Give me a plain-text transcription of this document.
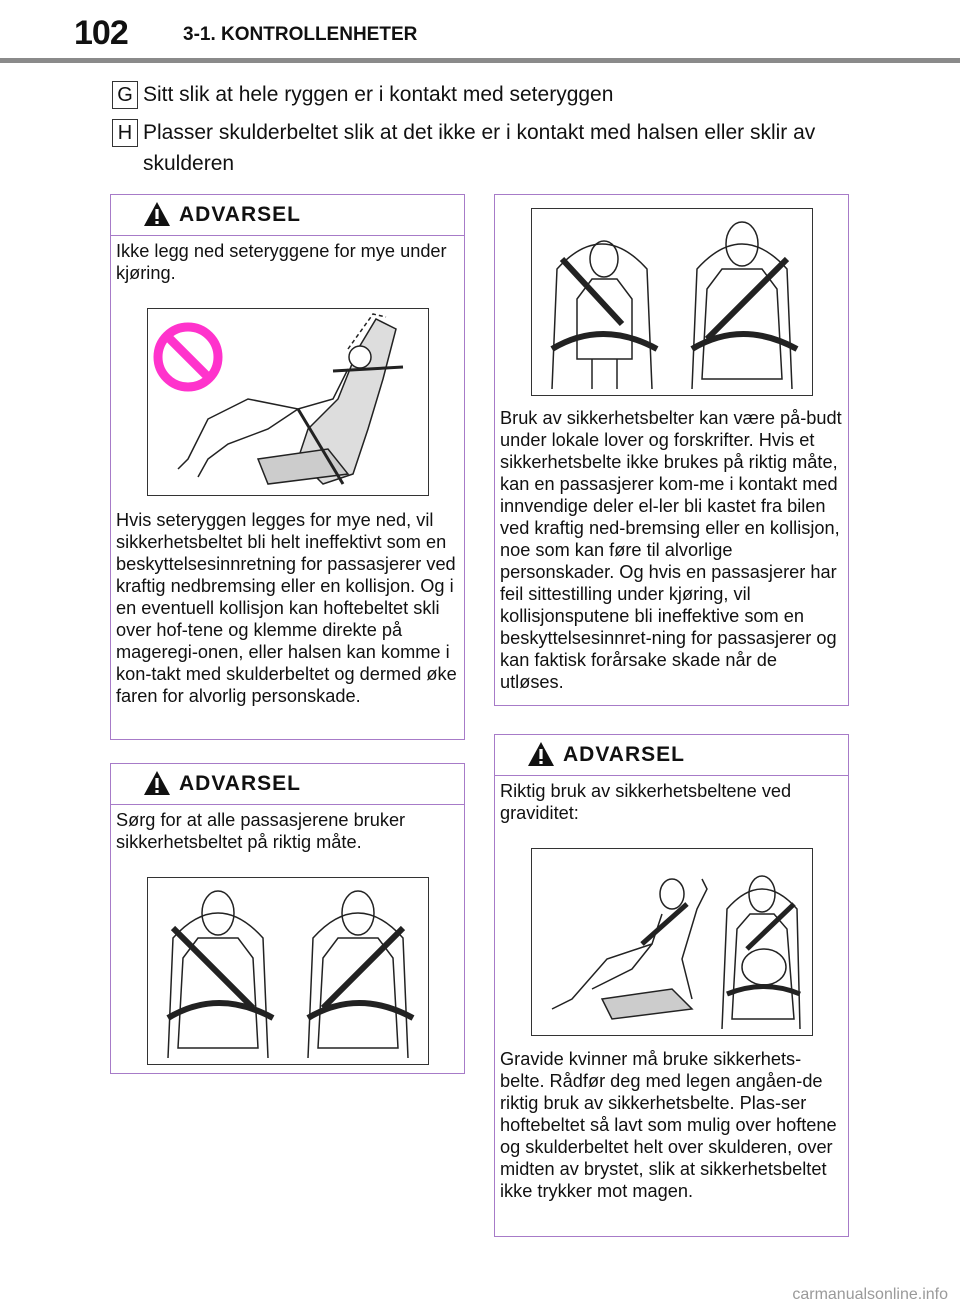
102	3-1. KONTROLLENHETER
G Sitt slik at hele ryggen er i kontakt med seteryggen
H Plasser skulderbeltet slik at det ikke er i kontakt med halsen eller sklir av skulderen
ADVARSEL
Ikke legg ned seteryggene for mye under kjøring.
Hvis seteryggen legges for mye ned, vil sikkerhetsbeltet bli helt ineffektivt som en beskyttelsesinnretning for passasjerer ved kraftig nedbremsing eller en kollisjon. Og i en eventuell kollisjon kan hoftebeltet skli over hof-tene og klemme direkte på mageregi-onen, eller halsen kan komme i kon-takt med skulderbeltet og dermed øke faren for alvorlig personskade.
ADVARSEL
Sørg for at alle passasjerene bruker sikkerhetsbeltet på riktig måte.
Bruk av sikkerhetsbelter kan være på-budt under lokale lover og forskrifter. Hvis et sikkerhetsbelte ikke brukes på riktig måte, kan en passasjerer kom-me i kontakt med innvendige deler el-ler bli kastet fra bilen ved kraftig ned-bremsing eller en kollisjon, noe som kan føre til alvorlige personskader. Og hvis en passasjerer har feil sittestilling under kjøring, vil kollisjonsputene bli ineffektive som en beskyttelsesinnret-ning for passasjerer og kan faktisk forårsake skade når de utløses.
ADVARSEL
Riktig bruk av sikkerhetsbeltene ved graviditet:
Gravide kvinner må bruke sikkerhets-belte. Rådfør deg med legen angåen-de riktig bruk av sikkerhetsbelte. Plas-ser hoftebeltet så lavt som mulig over hoftene og skulderbeltet helt over skulderen, over midten av brystet, slik at sikkerhetsbeltet ikke trykker mot magen.
carmanualsonline.info
